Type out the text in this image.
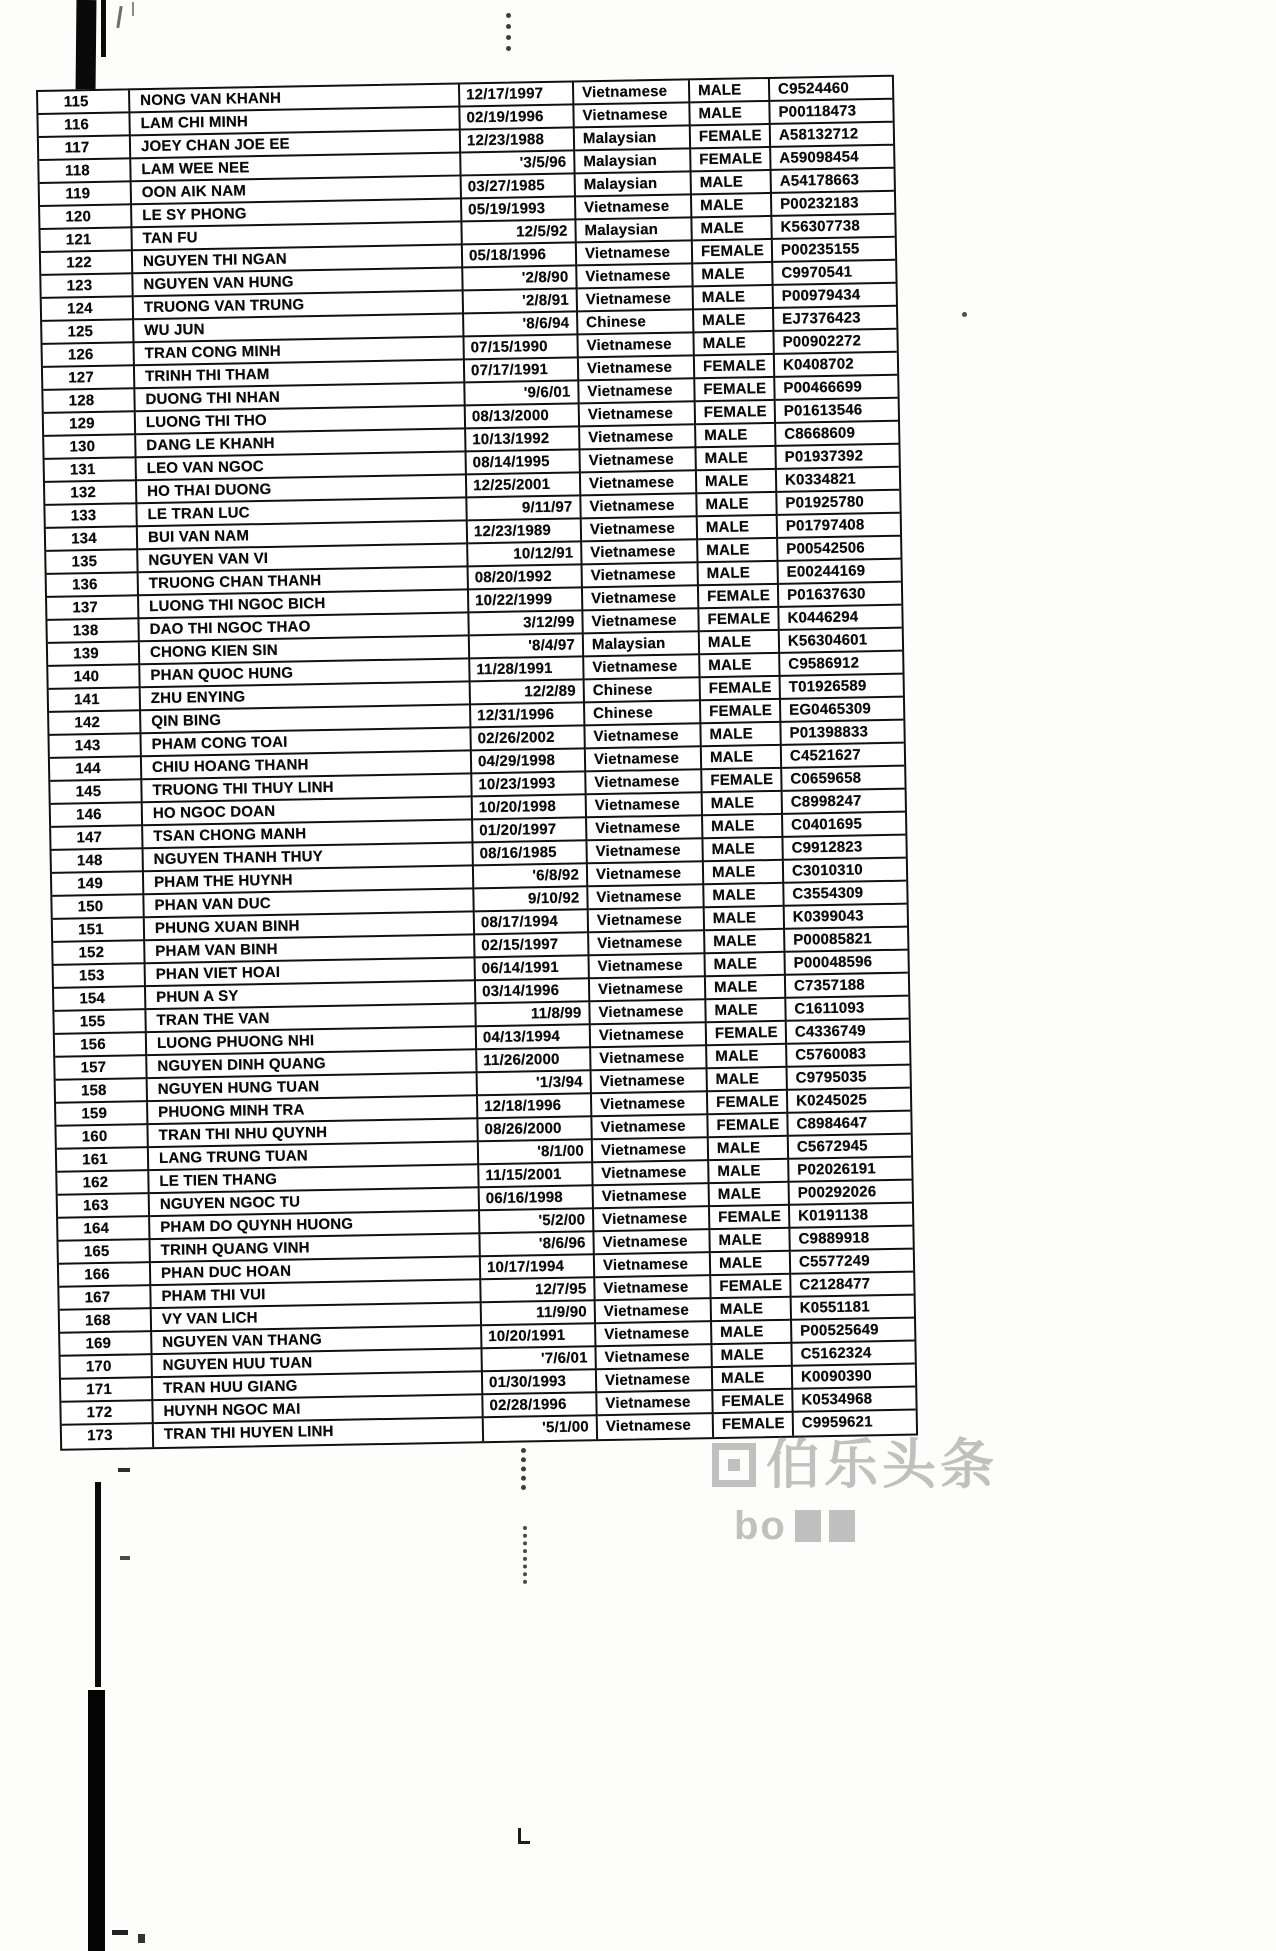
115	NONG VAN KHANH	12/17/1997	Vietnamese	MALE	C9524460
116	LAM CHI MINH	02/19/1996	Vietnamese	MALE	P00118473
117	JOEY CHAN JOE EE	12/23/1988	Malaysian	FEMALE	A58132712
118	LAM WEE NEE	'3/5/96	Malaysian	FEMALE	A59098454
119	OON AIK NAM	03/27/1985	Malaysian	MALE	A54178663
120	LE SY PHONG	05/19/1993	Vietnamese	MALE	P00232183
121	TAN FU	12/5/92	Malaysian	MALE	K56307738
122	NGUYEN THI NGAN	05/18/1996	Vietnamese	FEMALE	P00235155
123	NGUYEN VAN HUNG	'2/8/90	Vietnamese	MALE	C9970541
124	TRUONG VAN TRUNG	'2/8/91	Vietnamese	MALE	P00979434
125	WU JUN	'8/6/94	Chinese	MALE	EJ7376423
126	TRAN CONG MINH	07/15/1990	Vietnamese	MALE	P00902272
127	TRINH THI THAM	07/17/1991	Vietnamese	FEMALE	K0408702
128	DUONG THI NHAN	'9/6/01	Vietnamese	FEMALE	P00466699
129	LUONG THI THO	08/13/2000	Vietnamese	FEMALE	P01613546
130	DANG LE KHANH	10/13/1992	Vietnamese	MALE	C8668609
131	LEO VAN NGOC	08/14/1995	Vietnamese	MALE	P01937392
132	HO THAI DUONG	12/25/2001	Vietnamese	MALE	K0334821
133	LE TRAN LUC	9/11/97	Vietnamese	MALE	P01925780
134	BUI VAN NAM	12/23/1989	Vietnamese	MALE	P01797408
135	NGUYEN VAN VI	10/12/91	Vietnamese	MALE	P00542506
136	TRUONG CHAN THANH	08/20/1992	Vietnamese	MALE	E00244169
137	LUONG THI NGOC BICH	10/22/1999	Vietnamese	FEMALE	P01637630
138	DAO THI NGOC THAO	3/12/99	Vietnamese	FEMALE	K0446294
139	CHONG KIEN SIN	'8/4/97	Malaysian	MALE	K56304601
140	PHAN QUOC HUNG	11/28/1991	Vietnamese	MALE	C9586912
141	ZHU ENYING	12/2/89	Chinese	FEMALE	T01926589
142	QIN BING	12/31/1996	Chinese	FEMALE	EG0465309
143	PHAM CONG TOAI	02/26/2002	Vietnamese	MALE	P01398833
144	CHIU HOANG THANH	04/29/1998	Vietnamese	MALE	C4521627
145	TRUONG THI THUY LINH	10/23/1993	Vietnamese	FEMALE	C0659658
146	HO NGOC DOAN	10/20/1998	Vietnamese	MALE	C8998247
147	TSAN CHONG MANH	01/20/1997	Vietnamese	MALE	C0401695
148	NGUYEN THANH THUY	08/16/1985	Vietnamese	MALE	C9912823
149	PHAM THE HUYNH	'6/8/92	Vietnamese	MALE	C3010310
150	PHAN VAN DUC	9/10/92	Vietnamese	MALE	C3554309
151	PHUNG XUAN BINH	08/17/1994	Vietnamese	MALE	K0399043
152	PHAM VAN BINH	02/15/1997	Vietnamese	MALE	P00085821
153	PHAN VIET HOAI	06/14/1991	Vietnamese	MALE	P00048596
154	PHUN A SY	03/14/1996	Vietnamese	MALE	C7357188
155	TRAN THE VAN	11/8/99	Vietnamese	MALE	C1611093
156	LUONG PHUONG NHI	04/13/1994	Vietnamese	FEMALE	C4336749
157	NGUYEN DINH QUANG	11/26/2000	Vietnamese	MALE	C5760083
158	NGUYEN HUNG TUAN	'1/3/94	Vietnamese	MALE	C9795035
159	PHUONG MINH TRA	12/18/1996	Vietnamese	FEMALE	K0245025
160	TRAN THI NHU QUYNH	08/26/2000	Vietnamese	FEMALE	C8984647
161	LANG TRUNG TUAN	'8/1/00	Vietnamese	MALE	C5672945
162	LE TIEN THANG	11/15/2001	Vietnamese	MALE	P02026191
163	NGUYEN NGOC TU	06/16/1998	Vietnamese	MALE	P00292026
164	PHAM DO QUYNH HUONG	'5/2/00	Vietnamese	FEMALE	K0191138
165	TRINH QUANG VINH	'8/6/96	Vietnamese	MALE	C9889918
166	PHAN DUC HOAN	10/17/1994	Vietnamese	MALE	C5577249
167	PHAM THI VUI	12/7/95	Vietnamese	FEMALE	C2128477
168	VY VAN LICH	11/9/90	Vietnamese	MALE	K0551181
169	NGUYEN VAN THANG	10/20/1991	Vietnamese	MALE	P00525649
170	NGUYEN HUU TUAN	'7/6/01	Vietnamese	MALE	C5162324
171	TRAN HUU GIANG	01/30/1993	Vietnamese	MALE	K0090390
172	HUYNH NGOC MAI	02/28/1996	Vietnamese	FEMALE	K0534968
173	TRAN THI HUYEN LINH	'5/1/00	Vietnamese	FEMALE	C9959621
伯乐头条
bo
